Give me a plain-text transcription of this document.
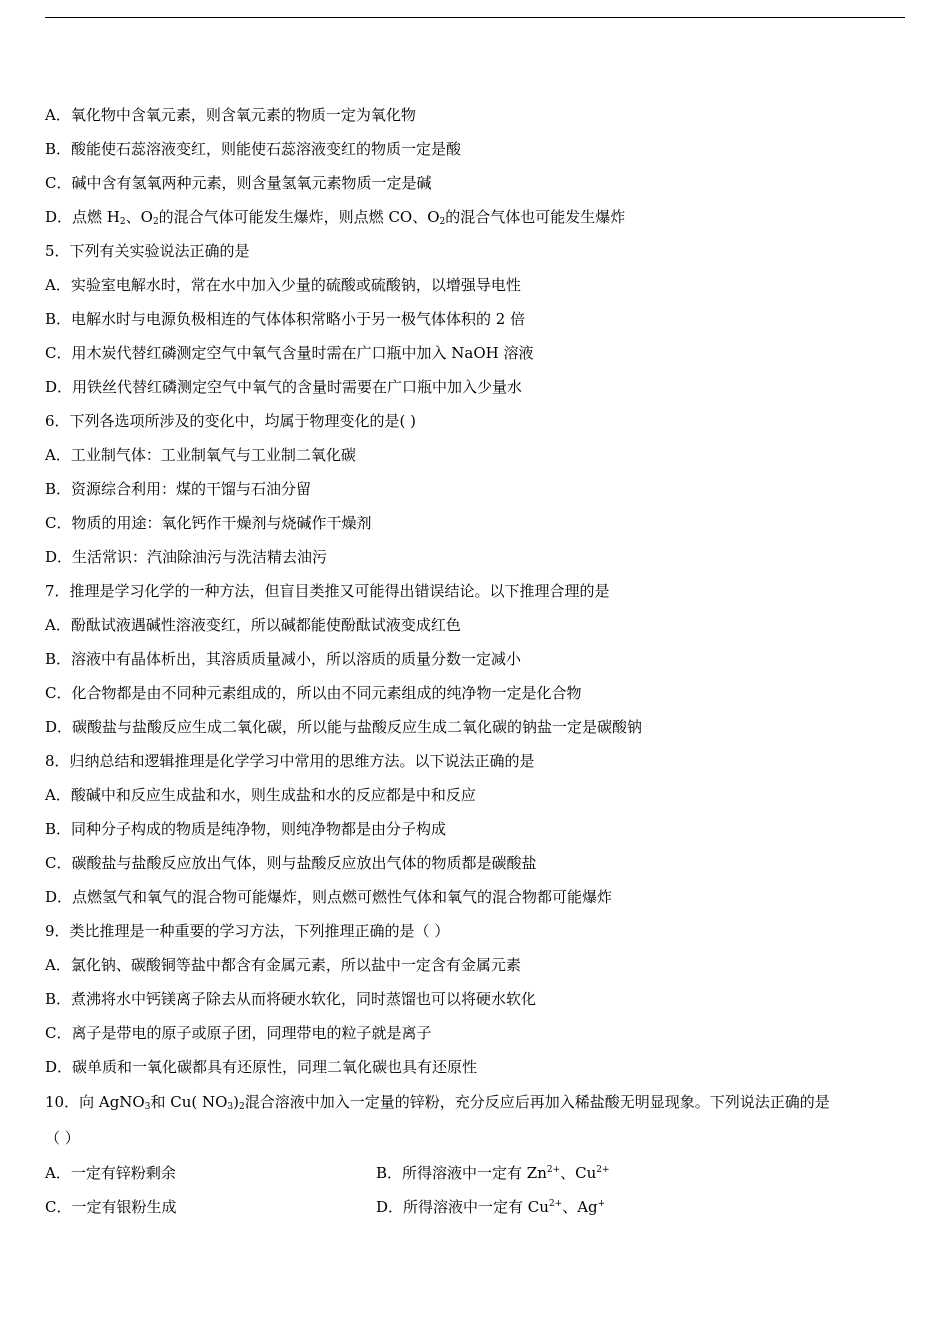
A．氧化物中含氧元素，则含氧元素的物质一定为氧化物
B．酸能使石蕊溶液变红，则能使石蕊溶液变红的物质一定是酸
C．碱中含有氢氧两种元素，则含量氢氧元素物质一定是碱
D．点燃 $H_2$、$O_2$的混合气体可能发生爆炸，则点燃 CO、$O_2$的混合气体也可能发生爆炸
5．下列有关实验说法正确的是
A．实验室电解水时，常在水中加入少量的硫酸或硫酸钠，以增强导电性
B．电解水时与电源负极相连的气体体积常略小于另一极气体体积的 2 倍
C．用木炭代替红磷测定空气中氧气含量时需在广口瓶中加入 NaOH 溶液
D．用铁丝代替红磷测定空气中氧气的含量时需要在广口瓶中加入少量水
6．下列各选项所涉及的变化中，均属于物理变化的是( )
A．工业制气体：工业制氧气与工业制二氧化碳
B．资源综合利用：煤的干馏与石油分留
C．物质的用途：氧化钙作干燥剂与烧碱作干燥剂
D．生活常识：汽油除油污与洗洁精去油污
7．推理是学习化学的一种方法，但盲目类推又可能得出错误结论。以下推理合理的是
A．酚酞试液遇碱性溶液变红，所以碱都能使酚酞试液变成红色
B．溶液中有晶体析出，其溶质质量减小，所以溶质的质量分数一定减小
C．化合物都是由不同种元素组成的，所以由不同元素组成的纯净物一定是化合物
D．碳酸盐与盐酸反应生成二氧化碳，所以能与盐酸反应生成二氧化碳的钠盐一定是碳酸钠
8．归纳总结和逻辑推理是化学学习中常用的思维方法。以下说法正确的是
A．酸碱中和反应生成盐和水，则生成盐和水的反应都是中和反应
B．同种分子构成的物质是纯净物，则纯净物都是由分子构成
C．碳酸盐与盐酸反应放出气体，则与盐酸反应放出气体的物质都是碳酸盐
D．点燃氢气和氧气的混合物可能爆炸，则点燃可燃性气体和氧气的混合物都可能爆炸
9．类比推理是一种重要的学习方法，下列推理正确的是（ ）
A．氯化钠、碳酸铜等盐中都含有金属元素，所以盐中一定含有金属元素
B．煮沸将水中钙镁离子除去从而将硬水软化，同时蒸馏也可以将硬水软化
C．离子是带电的原子或原子团，同理带电的粒子就是离子
D．碳单质和一氧化碳都具有还原性，同理二氧化碳也具有还原性
10．向 AgNO$_3$和 Cu( $NO_3)_2$混合溶液中加入一定量的锌粉，充分反应后再加入稀盐酸无明显现象。下列说法正确的是
（ ）
A．一定有锌粉剩余	B．所得溶液中一定有 $Zn^{2+}$、$Cu^{2+}$
C．一定有银粉生成	D．所得溶液中一定有 $Cu^{2+}$、Ag+
